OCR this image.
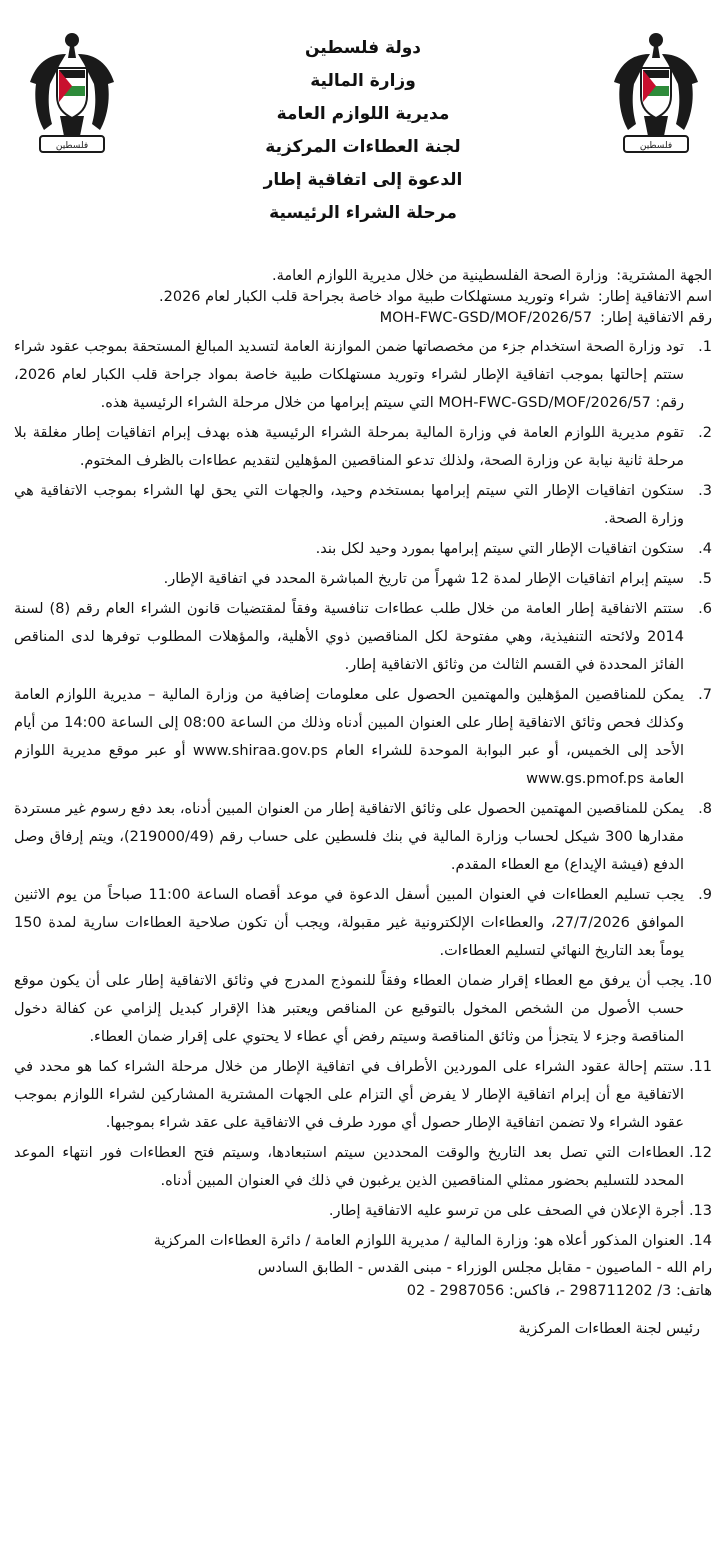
فلسطين
فلسطين
دولة فلسطين
وزارة المالية
مديرية اللوازم العامة
لجنة العطاءات المركزية
الدعوة إلى اتفاقية إطار
مرحلة الشراء الرئيسية
الجهة المشترية:وزارة الصحة الفلسطينية من خلال مديرية اللوازم العامة.
اسم الاتفاقية إطار:شراء وتوريد مستهلكات طبية مواد خاصة بجراحة قلب الكبار لعام 2026.
رقم الاتفاقية إطار:MOH-FWC-GSD/MOF/2026/57
1.
تود وزارة الصحة استخدام جزء من مخصصاتها ضمن الموازنة العامة لتسديد المبالغ المستحقة بموجب عقود شراء ستتم إحالتها بموجب اتفاقية الإطار لشراء وتوريد مستهلكات طبية خاصة بمواد جراحة قلب الكبار لعام 2026، رقم: MOH-FWC-GSD/MOF/2026/57 التي سيتم إبرامها من خلال مرحلة الشراء الرئيسية هذه.
2.
تقوم مديرية اللوازم العامة في وزارة المالية بمرحلة الشراء الرئيسية هذه بهدف إبرام اتفاقيات إطار مغلقة بلا مرحلة ثانية نيابة عن وزارة الصحة، ولذلك تدعو المناقصين المؤهلين لتقديم عطاءات بالظرف المختوم.
3.
ستكون اتفاقيات الإطار التي سيتم إبرامها بمستخدم وحيد، والجهات التي يحق لها الشراء بموجب الاتفاقية هي وزارة الصحة.
4.
ستكون اتفاقيات الإطار التي سيتم إبرامها بمورد وحيد لكل بند.
5.
سيتم إبرام اتفاقيات الإطار لمدة 12 شهراً من تاريخ المباشرة المحدد في اتفاقية الإطار.
6.
ستتم الاتفاقية إطار العامة من خلال طلب عطاءات تنافسية وفقاً لمقتضيات قانون الشراء العام رقم (8) لسنة 2014 ولائحته التنفيذية، وهي مفتوحة لكل المناقصين ذوي الأهلية، والمؤهلات المطلوب توفرها لدى المناقص الفائز المحددة في القسم الثالث من وثائق الاتفاقية إطار.
7.
يمكن للمناقصين المؤهلين والمهتمين الحصول على معلومات إضافية من وزارة المالية – مديرية اللوازم العامة وكذلك فحص وثائق الاتفاقية إطار على العنوان المبين أدناه وذلك من الساعة 08:00 إلى الساعة 14:00 من أيام الأحد إلى الخميس، أو عبر البوابة الموحدة للشراء العام www.shiraa.gov.ps أو عبر موقع مديرية اللوازم العامة www.gs.pmof.ps
8.
يمكن للمناقصين المهتمين الحصول على وثائق الاتفاقية إطار من العنوان المبين أدناه، بعد دفع رسوم غير مستردة مقدارها 300 شيكل لحساب وزارة المالية في بنك فلسطين على حساب رقم (219000/49)، ويتم إرفاق وصل الدفع (فيشة الإيداع) مع العطاء المقدم.
9.
يجب تسليم العطاءات في العنوان المبين أسفل الدعوة في موعد أقصاه الساعة 11:00 صباحاً من يوم الاثنين الموافق 27/7/2026، والعطاءات الإلكترونية غير مقبولة، ويجب أن تكون صلاحية العطاءات سارية لمدة 150 يوماً بعد التاريخ النهائي لتسليم العطاءات.
10.
يجب أن يرفق مع العطاء إقرار ضمان العطاء وفقاً للنموذج المدرج في وثائق الاتفاقية إطار على أن يكون موقع حسب الأصول من الشخص المخول بالتوقيع عن المناقص ويعتبر هذا الإقرار كبديل إلزامي عن كفالة دخول المناقصة وجزء لا يتجزأ من وثائق المناقصة وسيتم رفض أي عطاء لا يحتوي على إقرار ضمان العطاء.
11.
ستتم إحالة عقود الشراء على الموردين الأطراف في اتفاقية الإطار من خلال مرحلة الشراء كما هو محدد في الاتفاقية مع أن إبرام اتفاقية الإطار لا يفرض أي التزام على الجهات المشترية المشاركين لشراء اللوازم بموجب عقود الشراء ولا تضمن اتفاقية الإطار حصول أي مورد طرف في الاتفاقية على عقد شراء بموجبها.
12.
العطاءات التي تصل بعد التاريخ والوقت المحددين سيتم استبعادها، وسيتم فتح العطاءات فور انتهاء الموعد المحدد للتسليم بحضور ممثلي المناقصين الذين يرغبون في ذلك في العنوان المبين أدناه.
13.
أجرة الإعلان في الصحف على من ترسو عليه الاتفاقية إطار.
14.
العنوان المذكور أعلاه هو: وزارة المالية / مديرية اللوازم العامة / دائرة العطاءات المركزية
رام الله - الماصيون - مقابل مجلس الوزراء - مبنى القدس - الطابق السادس
هاتف: 3/ 298711202 -، فاكس: 2987056 - 02
رئيس لجنة العطاءات المركزية
